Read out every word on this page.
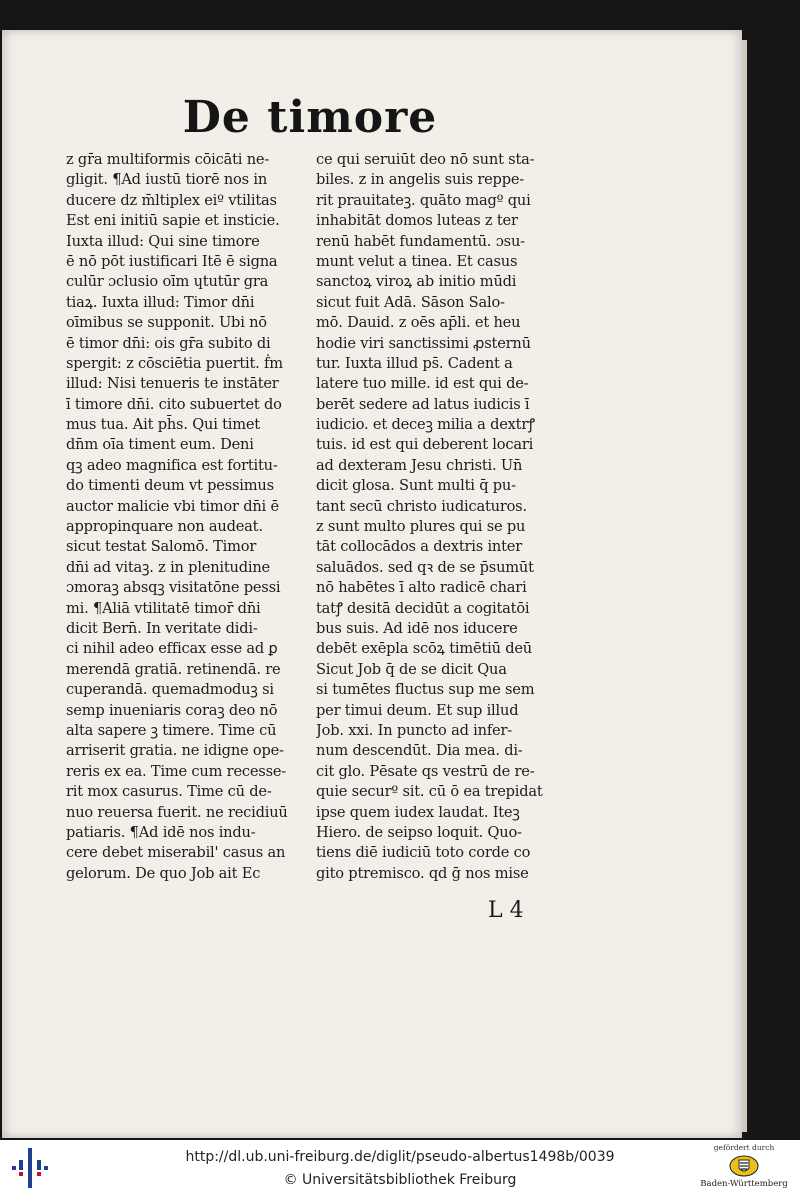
De timore
z gr̄a multiformis cōicāti ne-
gligit. ¶Ad iustū tiorē nos in
ducere dz m̄ltiplex eiº vtilitas
Est eni initiū sapie et insticie.
Iuxta illud: Qui sine timore
ē nō pōt iustificari Itē ē signa
culūr ɔclusio oīm ɥtutūr gra
tiaꝝ. Iuxta illud: Timor dn̄i
oīmibus se supponit. Ubi nō
ē timor dn̄i: ois gr̄a subito di
spergit: z cōsciētia puertit. ḟm
illud: Nisi tenueris te instāter
ī timore dn̄i. cito subuertet do
mus tua. Ait ph̄s. Qui timet
dn̄m oīa timent eum. Deni
qꝫ adeo magnifica est fortitu-
do timenti deum vt pessimus
auctor malicie vbi timor dn̄i ē
appropinquare non audeat.
sicut testat Salomō. Timor
dn̄i ad vitaꝫ. z in plenitudine
ɔmoraꝫ absqꝫ visitatōne pessi
mi. ¶Aliā vtilitatē timor̄ dn̄i
dicit Bern̄. In veritate didi-
ci nihil adeo efficax esse ad ꝑ
merendā gratiā. retinendā. re
cuperandā. quemadmoduꝫ si
semp inueniaris coraꝫ deo nō
alta sapere ꝫ timere. Time cū
arriserit gratia. ne idigne ope-
reris ex ea. Time cum recesse-
rit mox casurus. Time cū de-
nuo reuersa fuerit. ne recidiuū
patiaris. ¶Ad idē nos indu-
cere debet miserabil' casus an
gelorum. De quo Job ait Ec
ce qui seruiūt deo nō sunt sta-
biles. z in angelis suis reppe-
rit prauitateꝫ. quāto magº qui
inhabitāt domos luteas z ter
renū habēt fundamentū. ɔsu-
munt velut a tinea. Et casus
sanctoꝝ viroꝝ ab initio mūdi
sicut fuit Adā. Sāson Salo-
mō. Dauid. z oēs ap̄li. et heu
hodie viri sanctissimi ꝓsternū
tur. Iuxta illud ps̄. Cadent a
latere tuo mille. id est qui de-
berēt sedere ad latus iudicis ī
iudicio. et deceꝫ milia a dextrꝭ
tuis. id est qui deberent locari
ad dexteram Jesu christi. Un̄
dicit glosa. Sunt multi q̄ pu-
tant secū christo iudicaturos.
z sunt multo plures qui se pu
tāt collocādos a dextris inter
saluādos. sed qꝛ de se p̄sumūt
nō habētes ī alto radicē chari
tatꝭ desitā decidūt a cogitatōi
bus suis. Ad idē nos iducere
debēt exēpla scōꝝ timētiū deū
Sicut Job q̄ de se dicit Qua
si tumētes fluctus sup me sem
per timui deum. Et sup illud
Job. xxi. In puncto ad infer-
num descendūt. Dia mea. di-
cit glo. Pēsate qs vestrū de re-
quie securº sit. cū ō ea trepidat
ipse quem iudex laudat. Iteꝫ
Hiero. de seipso loquit. Quo-
tiens diē iudiciū toto corde co
gito ptremisco. qd ḡ nos mise
L 4
http://dl.ub.uni-freiburg.de/diglit/pseudo-albertus1498b/0039
© Universitätsbibliothek Freiburg
gefördert durch
Baden-Württemberg
